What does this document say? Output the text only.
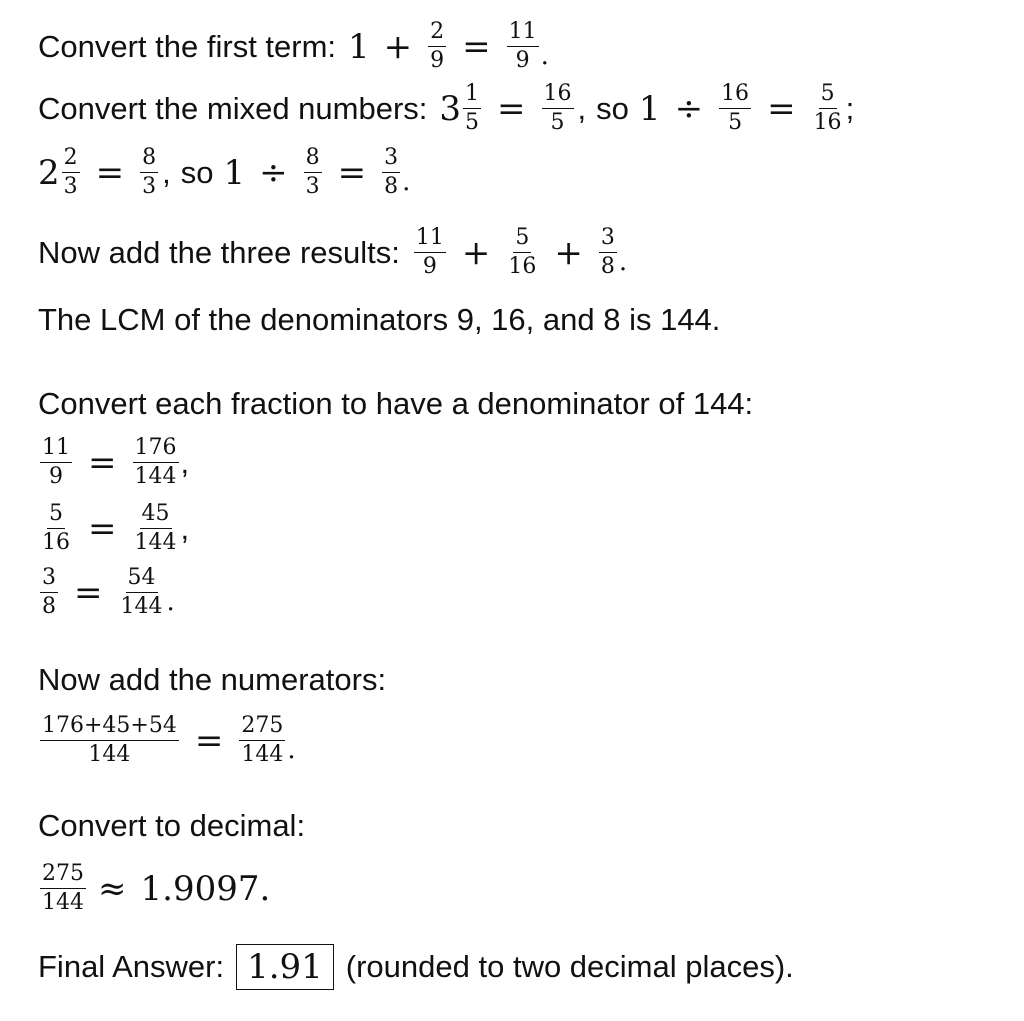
Convert the first term: $1 + \frac{2}{9} = \frac{11}{9}$ .
Convert the mixed numbers: $3 \frac{1}{5} = \frac{16}{5}$ , so $1 \div \frac{16}{5} = \frac{5}{16}$ ;
$2 \frac{2}{3} = \frac{8}{3}$ , so $1 \div \frac{8}{3} = \frac{3}{8}$ .
Now add the three results: $\frac{11}{9} + \frac{5}{16} + \frac{3}{8}$ .
The LCM of the denominators 9, 16, and 8 is 144.
Convert each fraction to have a denominator of 144:
$\frac{11}{9} = \frac{176}{144}$ ,
$\frac{5}{16} = \frac{45}{144}$ ,
$\frac{3}{8} = \frac{54}{144}$ .
Now add the numerators:
$\frac{176+45+54}{144} = \frac{275}{144}$ .
Convert to decimal:
$\frac{275}{144} \approx 1.9097$.
Final Answer: 1.91 (rounded to two decimal places).
